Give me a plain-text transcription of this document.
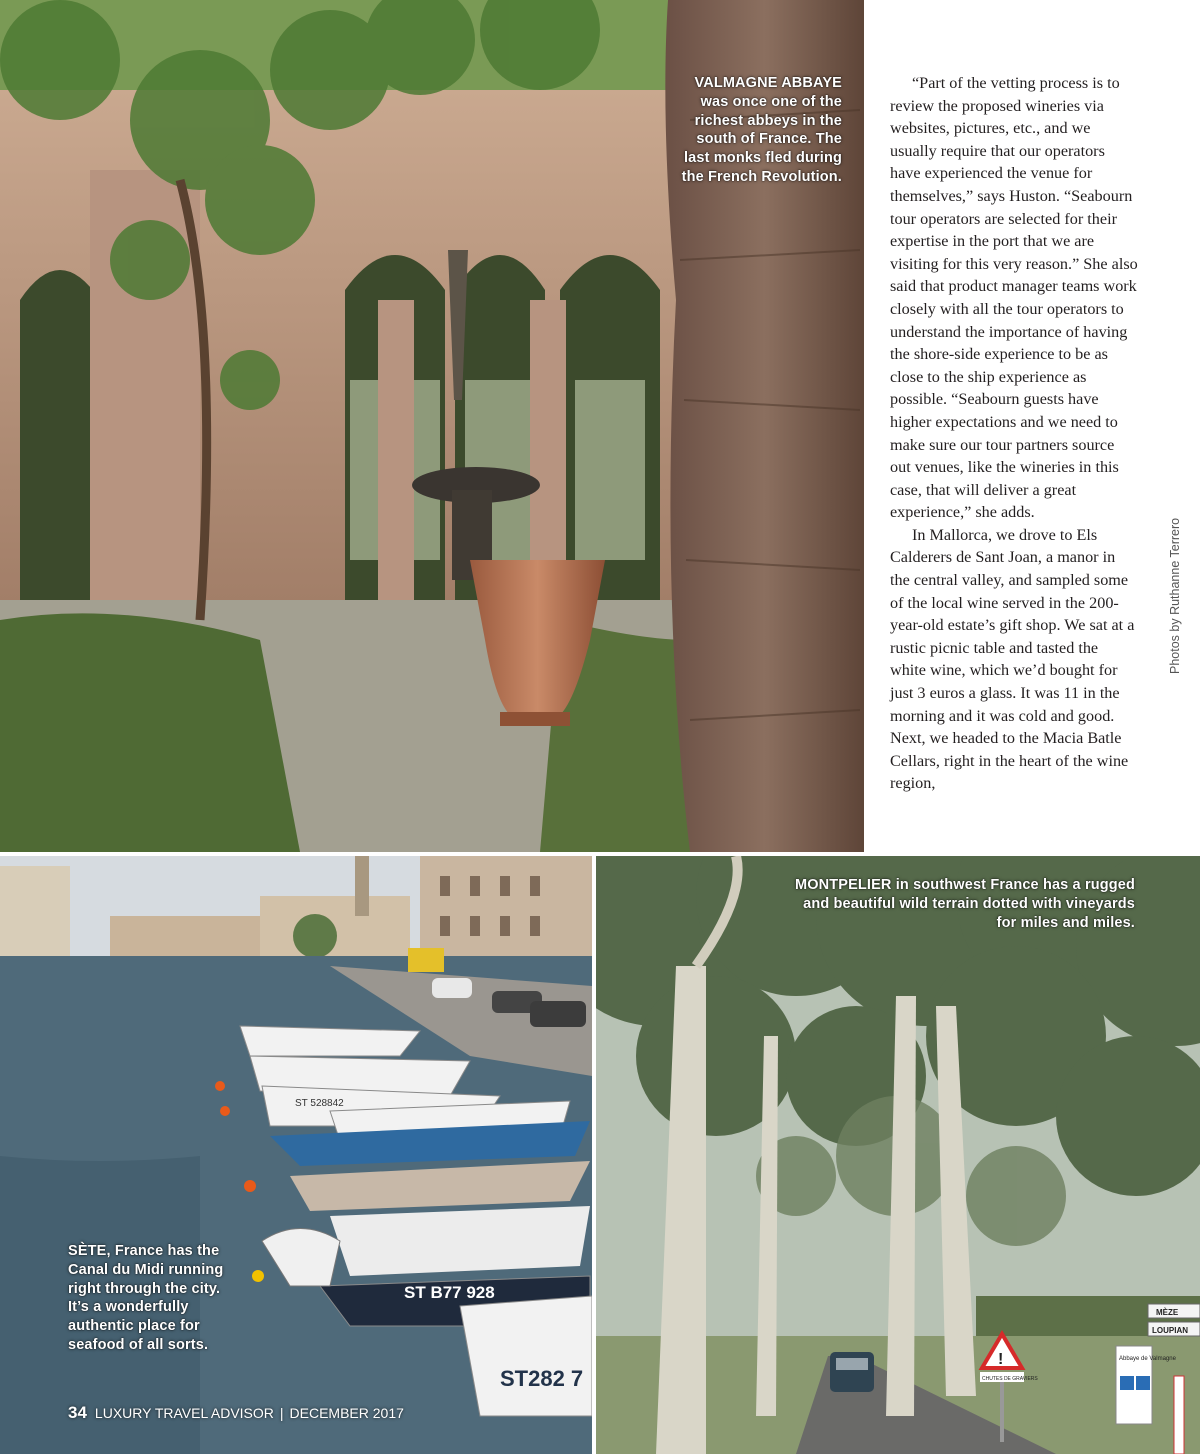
VALMAGNE ABBAYE was once one of the richest abbeys in the south of France. The last monks fled during the French Revolution.

“Part of the vetting process is to review the proposed wineries via websites, pictures, etc., and we usually require that our operators have experienced the venue for themselves,” says Huston. “Seabourn tour operators are selected for their expertise in the port that we are visiting for this very reason.” She also said that product manager teams work closely with all the tour operators to understand the importance of having the shore-side experience to be as close to the ship experience as possible. “Seabourn guests have higher expectations and we need to make sure our tour partners source out venues, like the wineries in this case, that will deliver a great experience,” she adds.

In Mallorca, we drove to Els Calderers de Sant Joan, a manor in the central valley, and sampled some of the local wine served in the 200-year-old estate’s gift shop. We sat at a rustic picnic table and tasted the white wine, which we’d bought for just 3 euros a glass. It was 11 in the morning and it was cold and good. Next, we headed to the Macia Batle Cellars, right in the heart of the wine region,

Photos by Ruthanne Terrero
ST 528842
ST B77 928
ST282 7

SÈTE, France has the Canal du Midi running right through the city. It’s a wonderfully authentic place for seafood of all sorts.

!
CHUTES DE GRAVIERS
Abbaye de Valmagne
MÈZE
LOUPIAN

MONTPELIER in southwest France has a rugged and beautiful wild terrain dotted with vineyards for miles and miles.

34 LUXURY TRAVEL ADVISOR | DECEMBER 2017
